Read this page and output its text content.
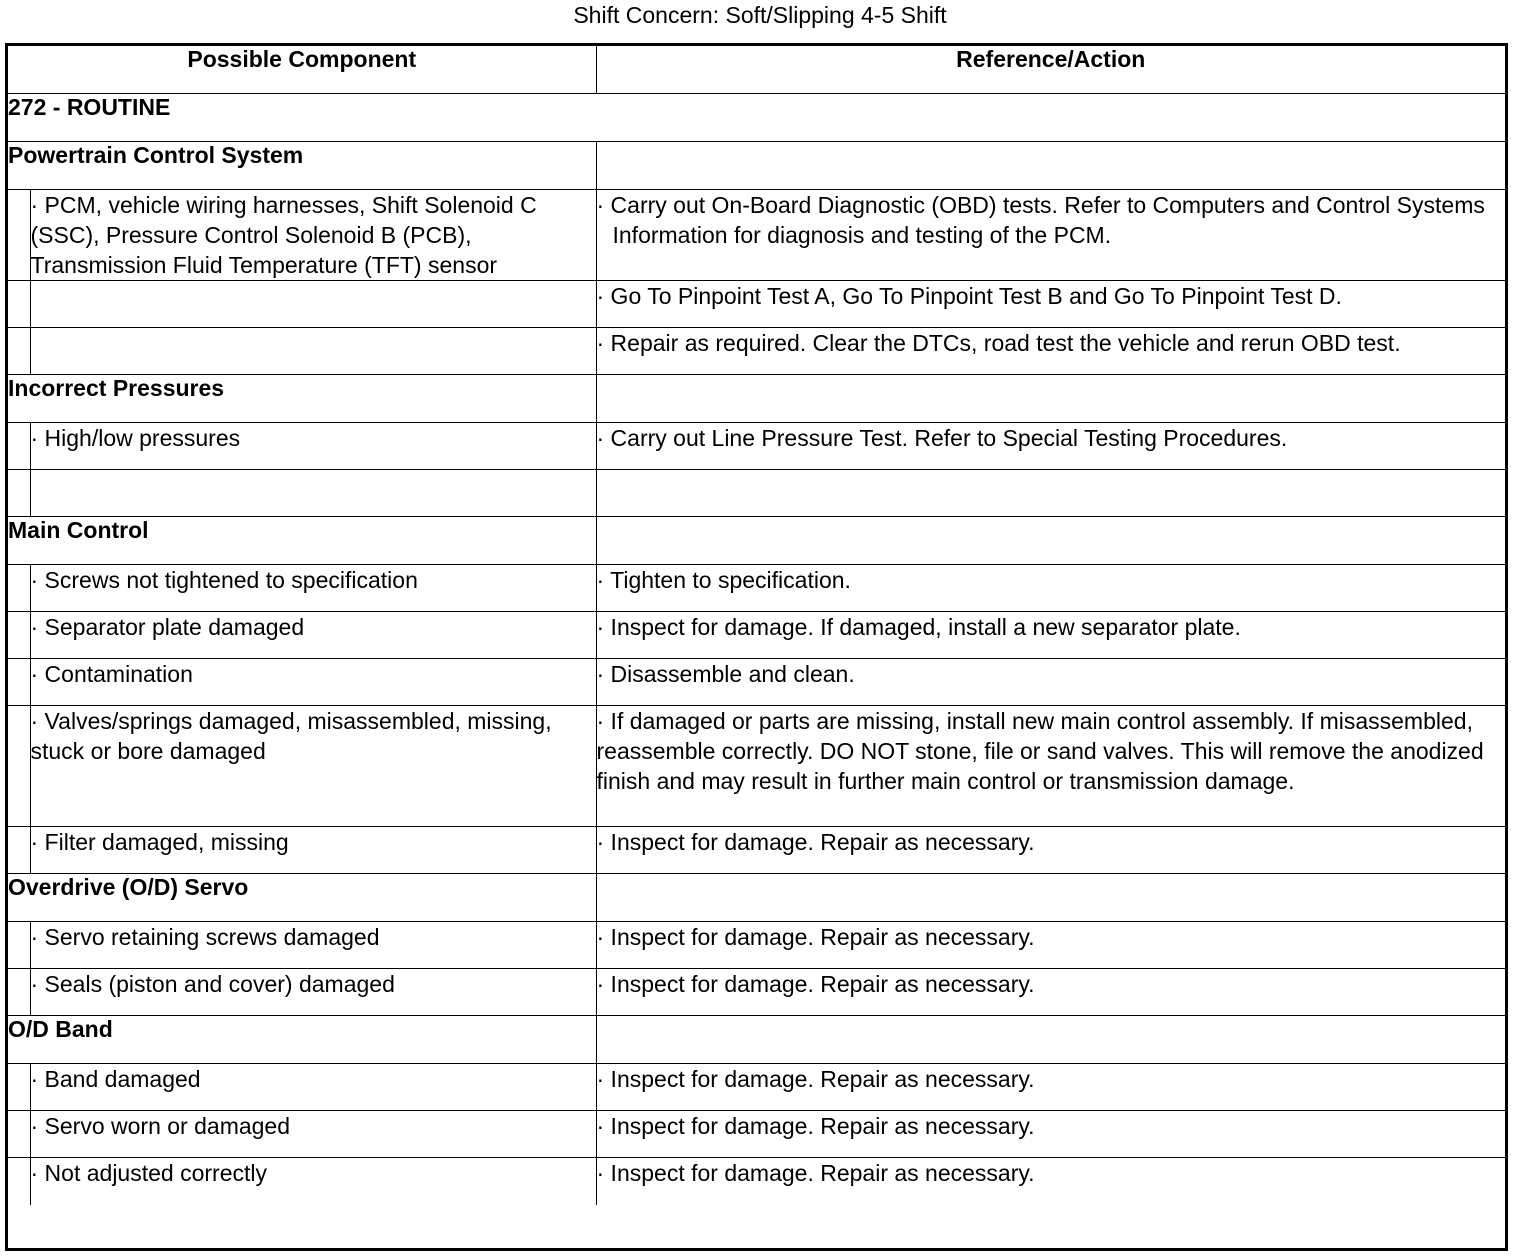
Shift Concern: Soft/Slipping 4-5 Shift
Possible Component		Reference/Action
272 - ROUTINE		
Powertrain Control System		
	· PCM, vehicle wiring harnesses, Shift Solenoid C (SSC), Pressure Control Solenoid B (PCB), Transmission Fluid Temperature (TFT) sensor	· Carry out On-Board Diagnostic (OBD) tests. Refer to Computers and Control Systems Information for diagnosis and testing of the PCM.

		· Go To Pinpoint Test A, Go To Pinpoint Test B and Go To Pinpoint Test D.

		· Repair as required. Clear the DTCs, road test the vehicle and rerun OBD test.

Incorrect Pressures		
	· High/low pressures	· Carry out Line Pressure Test. Refer to Special Testing Procedures.

Main Control		
	· Screws not tightened to specification	· Tighten to specification.

	· Separator plate damaged	· Inspect for damage. If damaged, install a new separator plate.

	· Contamination	· Disassemble and clean.

	· Valves/springs damaged, misassembled, missing, stuck or bore damaged	· If damaged or parts are missing, install new main control assembly. If misassembled, reassemble correctly. DO NOT stone, file or sand valves. This will remove the anodized finish and may result in further main control or transmission damage.
	· Filter damaged, missing	· Inspect for damage. Repair as necessary.

Overdrive (O/D) Servo		
	· Servo retaining screws damaged	· Inspect for damage. Repair as necessary.

	· Seals (piston and cover) damaged	· Inspect for damage. Repair as necessary.

O/D Band		
	· Band damaged	· Inspect for damage. Repair as necessary.

	· Servo worn or damaged	· Inspect for damage. Repair as necessary.

	· Not adjusted correctly	· Inspect for damage. Repair as necessary.
